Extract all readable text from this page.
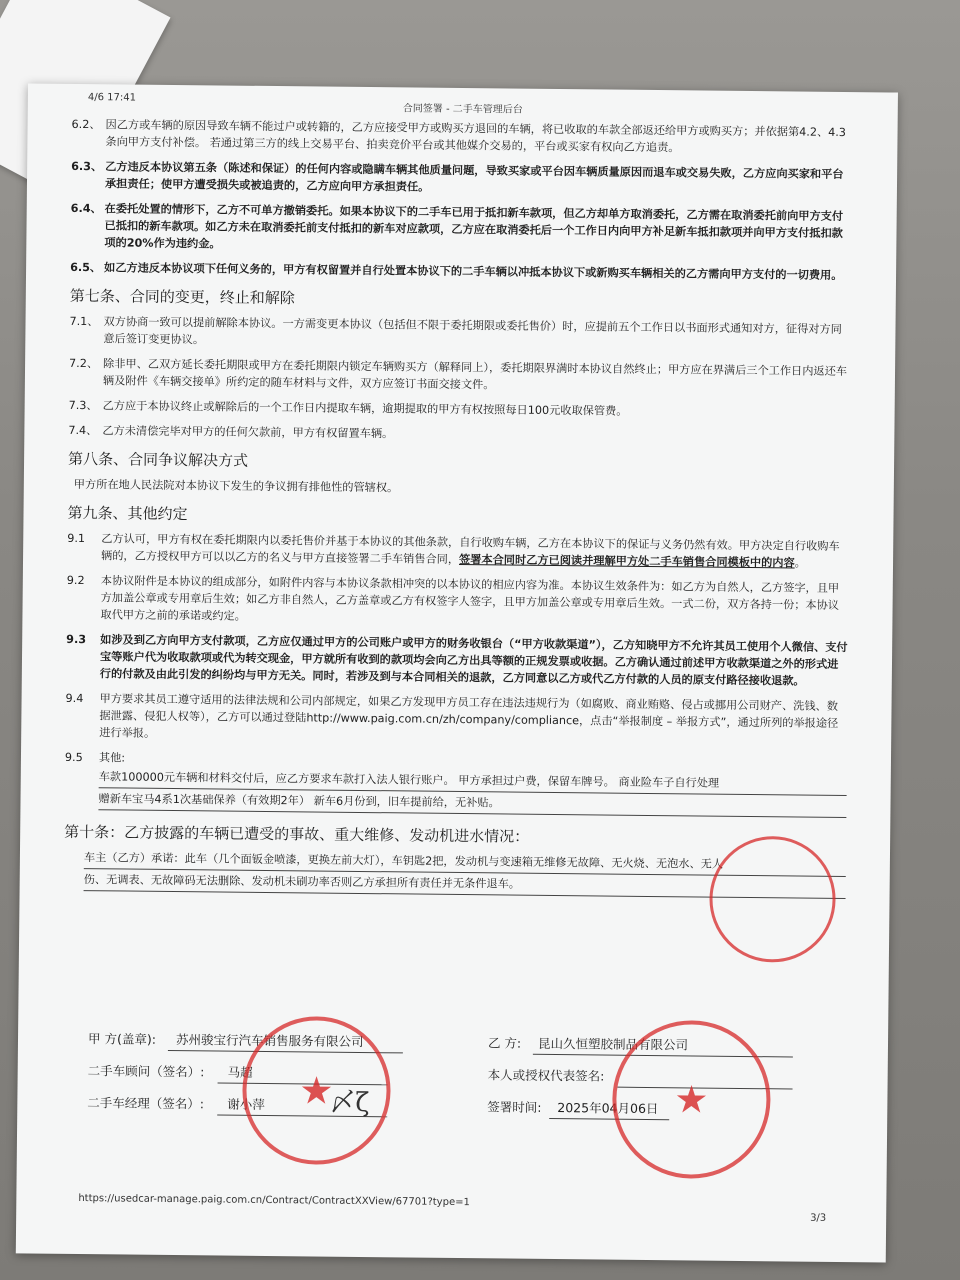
4/6 17:41
合同签署 - 二手车管理后台
6.2、 因乙方或车辆的原因导致车辆不能过户或转籍的，乙方应接受甲方或购买方退回的车辆，将已收取的车款全部返还给甲方或购买方；并依据第4.2、4.3条向甲方支付补偿。 若通过第三方的线上交易平台、拍卖竞价平台或其他媒介交易的，平台或买家有权向乙方追责。
6.3、 乙方违反本协议第五条（陈述和保证）的任何内容或隐瞒车辆其他质量问题，导致买家或平台因车辆质量原因而退车或交易失败，乙方应向买家和平台承担责任；使甲方遭受损失或被追责的，乙方应向甲方承担责任。
6.4、 在委托处置的情形下，乙方不可单方撤销委托。如果本协议下的二手车已用于抵扣新车款项，但乙方却单方取消委托，乙方需在取消委托前向甲方支付已抵扣的新车款项。如乙方未在取消委托前支付抵扣的新车对应款项，乙方应在取消委托后一个工作日内向甲方补足新车抵扣款项并向甲方支付抵扣款项的20%作为违约金。
6.5、 如乙方违反本协议项下任何义务的，甲方有权留置并自行处置本协议下的二手车辆以冲抵本协议下或新购买车辆相关的乙方需向甲方支付的一切费用。
第七条、合同的变更，终止和解除
7.1、 双方协商一致可以提前解除本协议。一方需变更本协议（包括但不限于委托期限或委托售价）时，应提前五个工作日以书面形式通知对方，征得对方同意后签订变更协议。
7.2、 除非甲、乙双方延长委托期限或甲方在委托期限内锁定车辆购买方（解释同上），委托期限界满时本协议自然终止；甲方应在界满后三个工作日内返还车辆及附件《车辆交接单》所约定的随车材料与文件，双方应签订书面交接文件。
7.3、 乙方应于本协议终止或解除后的一个工作日内提取车辆，逾期提取的甲方有权按照每日100元收取保管费。
7.4、 乙方未清偿完毕对甲方的任何欠款前，甲方有权留置车辆。
第八条、合同争议解决方式
甲方所在地人民法院对本协议下发生的争议拥有排他性的管辖权。
第九条、其他约定
9.1	乙方认可，甲方有权在委托期限内以委托售价并基于本协议的其他条款，自行收购车辆，乙方在本协议下的保证与义务仍然有效。甲方决定自行收购车辆的，乙方授权甲方可以以乙方的名义与甲方直接签署二手车销售合同，签署本合同时乙方已阅读并理解甲方处二手车销售合同模板中的内容。
9.2	本协议附件是本协议的组成部分，如附件内容与本协议条款相冲突的以本协议的相应内容为准。本协议生效条件为：如乙方为自然人，乙方签字，且甲方加盖公章或专用章后生效；如乙方非自然人，乙方盖章或乙方有权签字人签字，且甲方加盖公章或专用章后生效。一式二份，双方各持一份；本协议取代甲方之前的承诺或约定。
9.3	如涉及到乙方向甲方支付款项，乙方应仅通过甲方的公司账户或甲方的财务收银台（“甲方收款渠道”），乙方知晓甲方不允许其员工使用个人微信、支付宝等账户代为收取款项或代为转交现金，甲方就所有收到的款项均会向乙方出具等额的正规发票或收据。乙方确认通过前述甲方收款渠道之外的形式进行的付款及由此引发的纠纷均与甲方无关。同时，若涉及到与本合同相关的退款，乙方同意以乙方或代乙方付款的人员的原支付路径接收退款。
9.4	甲方要求其员工遵守适用的法律法规和公司内部规定，如果乙方发现甲方员工存在违法违规行为（如腐败、商业贿赂、侵占或挪用公司财产、洗钱、数据泄露、侵犯人权等），乙方可以通过登陆http://www.paig.com.cn/zh/company/compliance，点击“举报制度 – 举报方式”，通过所列的举报途径进行举报。
9.5	其他:
车款100000元车辆和材料交付后，应乙方要求车款打入法人银行账户。 甲方承担过户费，保留车牌号。 商业险车子自行处理
赠新车宝马4系1次基础保养（有效期2年） 新车6月份到，旧车提前给，无补贴。
第十条：乙方披露的车辆已遭受的事故、重大维修、发动机进水情况：
车主（乙方）承诺：此车（几个面钣金喷漆，更换左前大灯），车钥匙2把，发动机与变速箱无维修无故障、无火烧、无泡水、无人
伤、无调表、无故障码无法删除、发动机未刷功率否则乙方承担所有责任并无条件退车。
甲 方(盖章): 苏州骏宝行汽车销售服务有限公司	乙 方: 昆山久恒塑胶制品有限公司
二手车顾问（签名）: 马超	本人或授权代表签名:
二手车经理（签名）: 谢小萍	签署时间: 2025年04月06日
〆ζ
★	★
https://usedcar-manage.paig.com.cn/Contract/ContractXXView/67701?type=1
3/3
